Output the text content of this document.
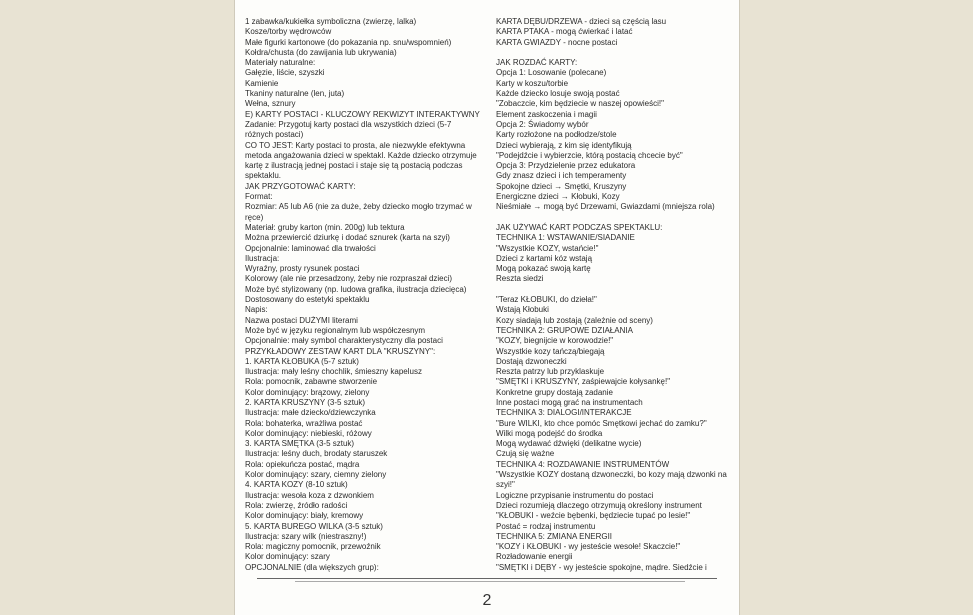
1 zabawka/kukiełka symboliczna (zwierzę, lalka)
Kosze/torby wędrowców
Małe figurki kartonowe (do pokazania np. snu/wspomnień)
Kołdra/chusta (do zawijania lub ukrywania)
Materiały naturalne:
Gałęzie, liście, szyszki
Kamienie
Tkaniny naturalne (len, juta)
Wełna, sznury
E) KARTY POSTACI - KLUCZOWY REKWIZYT INTERAKTYWNY
Zadanie: Przygotuj karty postaci dla wszystkich dzieci (5-7 różnych postaci)
CO TO JEST: Karty postaci to prosta, ale niezwykle efektywna metoda angażowania dzieci w spektakl. Każde dziecko otrzymuje kartę z ilustracją jednej postaci i staje się tą postacią podczas spektaklu.
JAK PRZYGOTOWAĆ KARTY:
Format:
Rozmiar: A5 lub A6 (nie za duże, żeby dziecko mogło trzymać w ręce)
Materiał: gruby karton (min. 200g) lub tektura
Można przewiercić dziurkę i dodać sznurek (karta na szyi)
Opcjonalnie: laminować dla trwałości
Ilustracja:
Wyraźny, prosty rysunek postaci
Kolorowy (ale nie przesadzony, żeby nie rozpraszał dzieci)
Może być stylizowany (np. ludowa grafika, ilustracja dziecięca)
Dostosowany do estetyki spektaklu
Napis:
Nazwa postaci DUŻYMI literami
Może być w języku regionalnym lub współczesnym
Opcjonalnie: mały symbol charakterystyczny dla postaci
PRZYKŁADOWY ZESTAW KART DLA "KRUSZYNY":
1. KARTA KŁOBUKA (5-7 sztuk)
Ilustracja: mały leśny chochlik, śmieszny kapelusz
Rola: pomocnik, zabawne stworzenie
Kolor dominujący: brązowy, zielony
2. KARTA KRUSZYNY (3-5 sztuk)
Ilustracja: małe dziecko/dziewczynka
Rola: bohaterka, wrażliwa postać
Kolor dominujący: niebieski, różowy
3. KARTA SMĘTKA (3-5 sztuk)
Ilustracja: leśny duch, brodaty staruszek
Rola: opiekuńcza postać, mądra
Kolor dominujący: szary, ciemny zielony
4. KARTA KOZY (8-10 sztuk)
Ilustracja: wesoła koza z dzwonkiem
Rola: zwierzę, źródło radości
Kolor dominujący: biały, kremowy
5. KARTA BUREGO WILKA (3-5 sztuk)
Ilustracja: szary wilk (niestraszny!)
Rola: magiczny pomocnik, przewoźnik
Kolor dominujący: szary
OPCJONALNIE (dla większych grup):
KARTA DĘBU/DRZEWA - dzieci są częścią lasu
KARTA PTAKA - mogą ćwierkać i latać
KARTA GWIAZDY - nocne postaci
JAK ROZDAĆ KARTY:
Opcja 1: Losowanie (polecane)
Karty w koszu/torbie
Każde dziecko losuje swoją postać
"Zobaczcie, kim będziecie w naszej opowieści!"
Element zaskoczenia i magii
Opcja 2: Świadomy wybór
Karty rozłożone na podłodze/stole
Dzieci wybierają, z kim się identyfikują
"Podejdźcie i wybierzcie, którą postacią chcecie być"
Opcja 3: Przydzielenie przez edukatora
Gdy znasz dzieci i ich temperamenty
Spokojne dzieci → Smętki, Kruszyny
Energiczne dzieci → Kłobuki, Kozy
Nieśmiałe → mogą być Drzewami, Gwiazdami (mniejsza rola)
JAK UŻYWAĆ KART PODCZAS SPEKTAKLU:
TECHNIKA 1: WSTAWANIE/SIADANIE
"Wszystkie KOZY, wstańcie!"
Dzieci z kartami kóz wstają
Mogą pokazać swoją kartę
Reszta siedzi
"Teraz KŁOBUKI, do dzieła!"
Wstają Kłobuki
Kozy siadają lub zostają (zależnie od sceny)
TECHNIKA 2: GRUPOWE DZIAŁANIA
"KOZY, biegnijcie w korowodzie!"
Wszystkie kozy tańczą/biegają
Dostają dzwoneczki
Reszta patrzy lub przyklaskuje
"SMĘTKI i KRUSZYNY, zaśpiewajcie kołysankę!"
Konkretne grupy dostają zadanie
Inne postaci mogą grać na instrumentach
TECHNIKA 3: DIALOGI/INTERAKCJE
"Bure WILKI, kto chce pomóc Smętkowi jechać do zamku?"
Wilki mogą podejść do środka
Mogą wydawać dźwięki (delikatne wycie)
Czują się ważne
TECHNIKA 4: ROZDAWANIE INSTRUMENTÓW
"Wszystkie KOZY dostaną dzwoneczki, bo kozy mają dzwonki na szyi!"
Logiczne przypisanie instrumentu do postaci
Dzieci rozumieją dlaczego otrzymują określony instrument
"KŁOBUKI - weźcie bębenki, będziecie tupać po lesie!"
Postać = rodzaj instrumentu
TECHNIKA 5: ZMIANA ENERGII
"KOZY i KŁOBUKI - wy jesteście wesołe! Skaczcie!"
Rozładowanie energii
"SMĘTKI i DĘBY - wy jesteście spokojne, mądre. Siedźcie i
2
